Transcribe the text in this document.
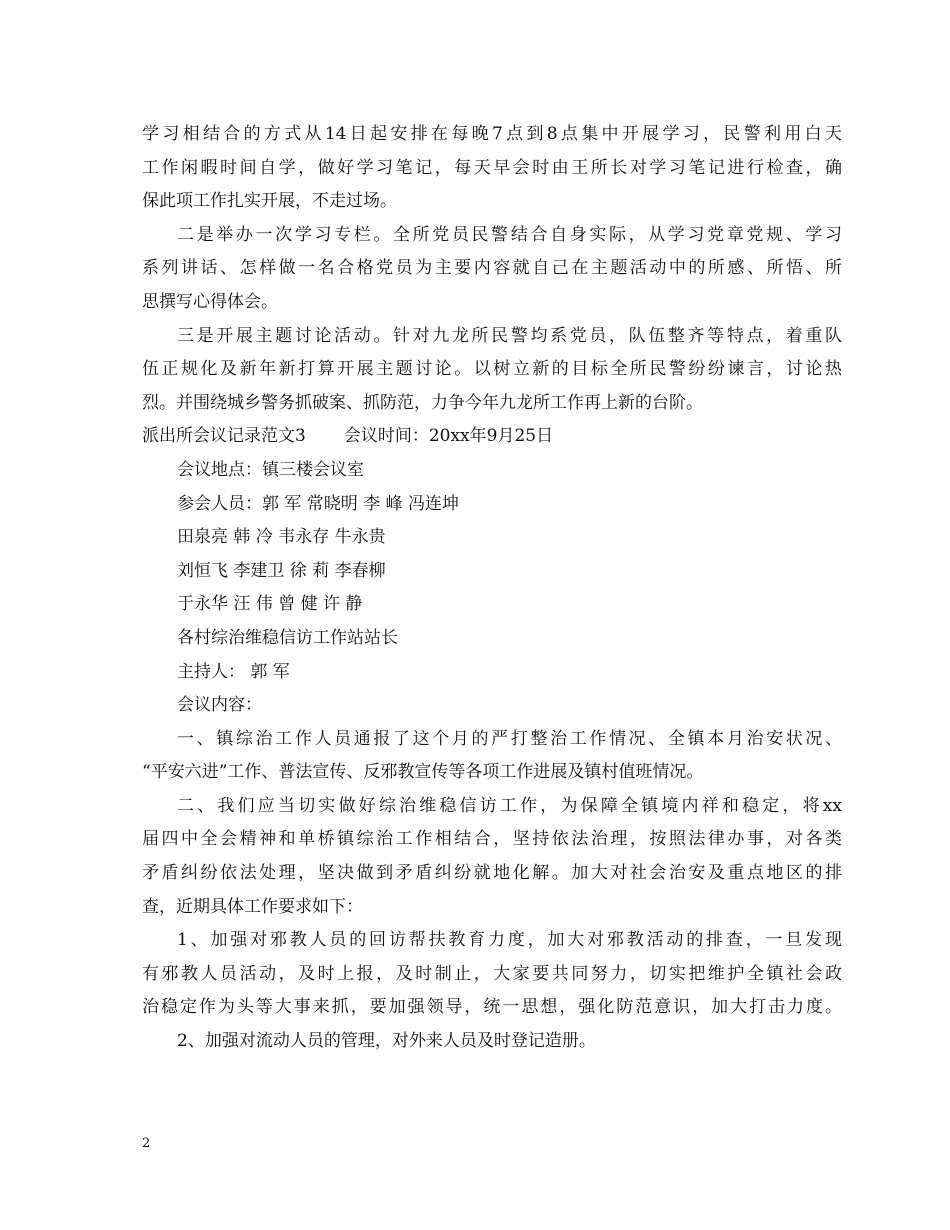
学习相结合的方式从14日起安排在每晚7点到8点集中开展学习，民警利用白天
工作闲暇时间自学，做好学习笔记，每天早会时由王所长对学习笔记进行检查，确
保此项工作扎实开展，不走过场。
二是举办一次学习专栏。全所党员民警结合自身实际，从学习党章党规、学习
系列讲话、怎样做一名合格党员为主要内容就自己在主题活动中的所感、所悟、所
思撰写心得体会。
三是开展主题讨论活动。针对九龙所民警均系党员，队伍整齐等特点，着重队
伍正规化及新年新打算开展主题讨论。以树立新的目标全所民警纷纷谏言，讨论热
烈。并围绕城乡警务抓破案、抓防范，力争今年九龙所工作再上新的台阶。
派出所会议记录范文3 会议时间：20xx年9月25日
会议地点：镇三楼会议室
参会人员：郭 军 常晓明 李 峰 冯连坤
田泉亮 韩 冷 韦永存 牛永贵
刘恒飞 李建卫 徐 莉 李春柳
于永华 汪 伟 曾 健 许 静
各村综治维稳信访工作站站长
主持人： 郭 军
会议内容：
一、镇综治工作人员通报了这个月的严打整治工作情况、全镇本月治安状况、
“平安六进”工作、普法宣传、反邪教宣传等各项工作进展及镇村值班情况。
二、我们应当切实做好综治维稳信访工作，为保障全镇境内祥和稳定，将xx
届四中全会精神和单桥镇综治工作相结合，坚持依法治理，按照法律办事，对各类
矛盾纠纷依法处理，坚决做到矛盾纠纷就地化解。加大对社会治安及重点地区的排
查，近期具体工作要求如下：
1、加强对邪教人员的回访帮扶教育力度，加大对邪教活动的排查，一旦发现
有邪教人员活动，及时上报，及时制止，大家要共同努力，切实把维护全镇社会政
治稳定作为头等大事来抓，要加强领导，统一思想，强化防范意识，加大打击力度。
2、加强对流动人员的管理，对外来人员及时登记造册。
2
